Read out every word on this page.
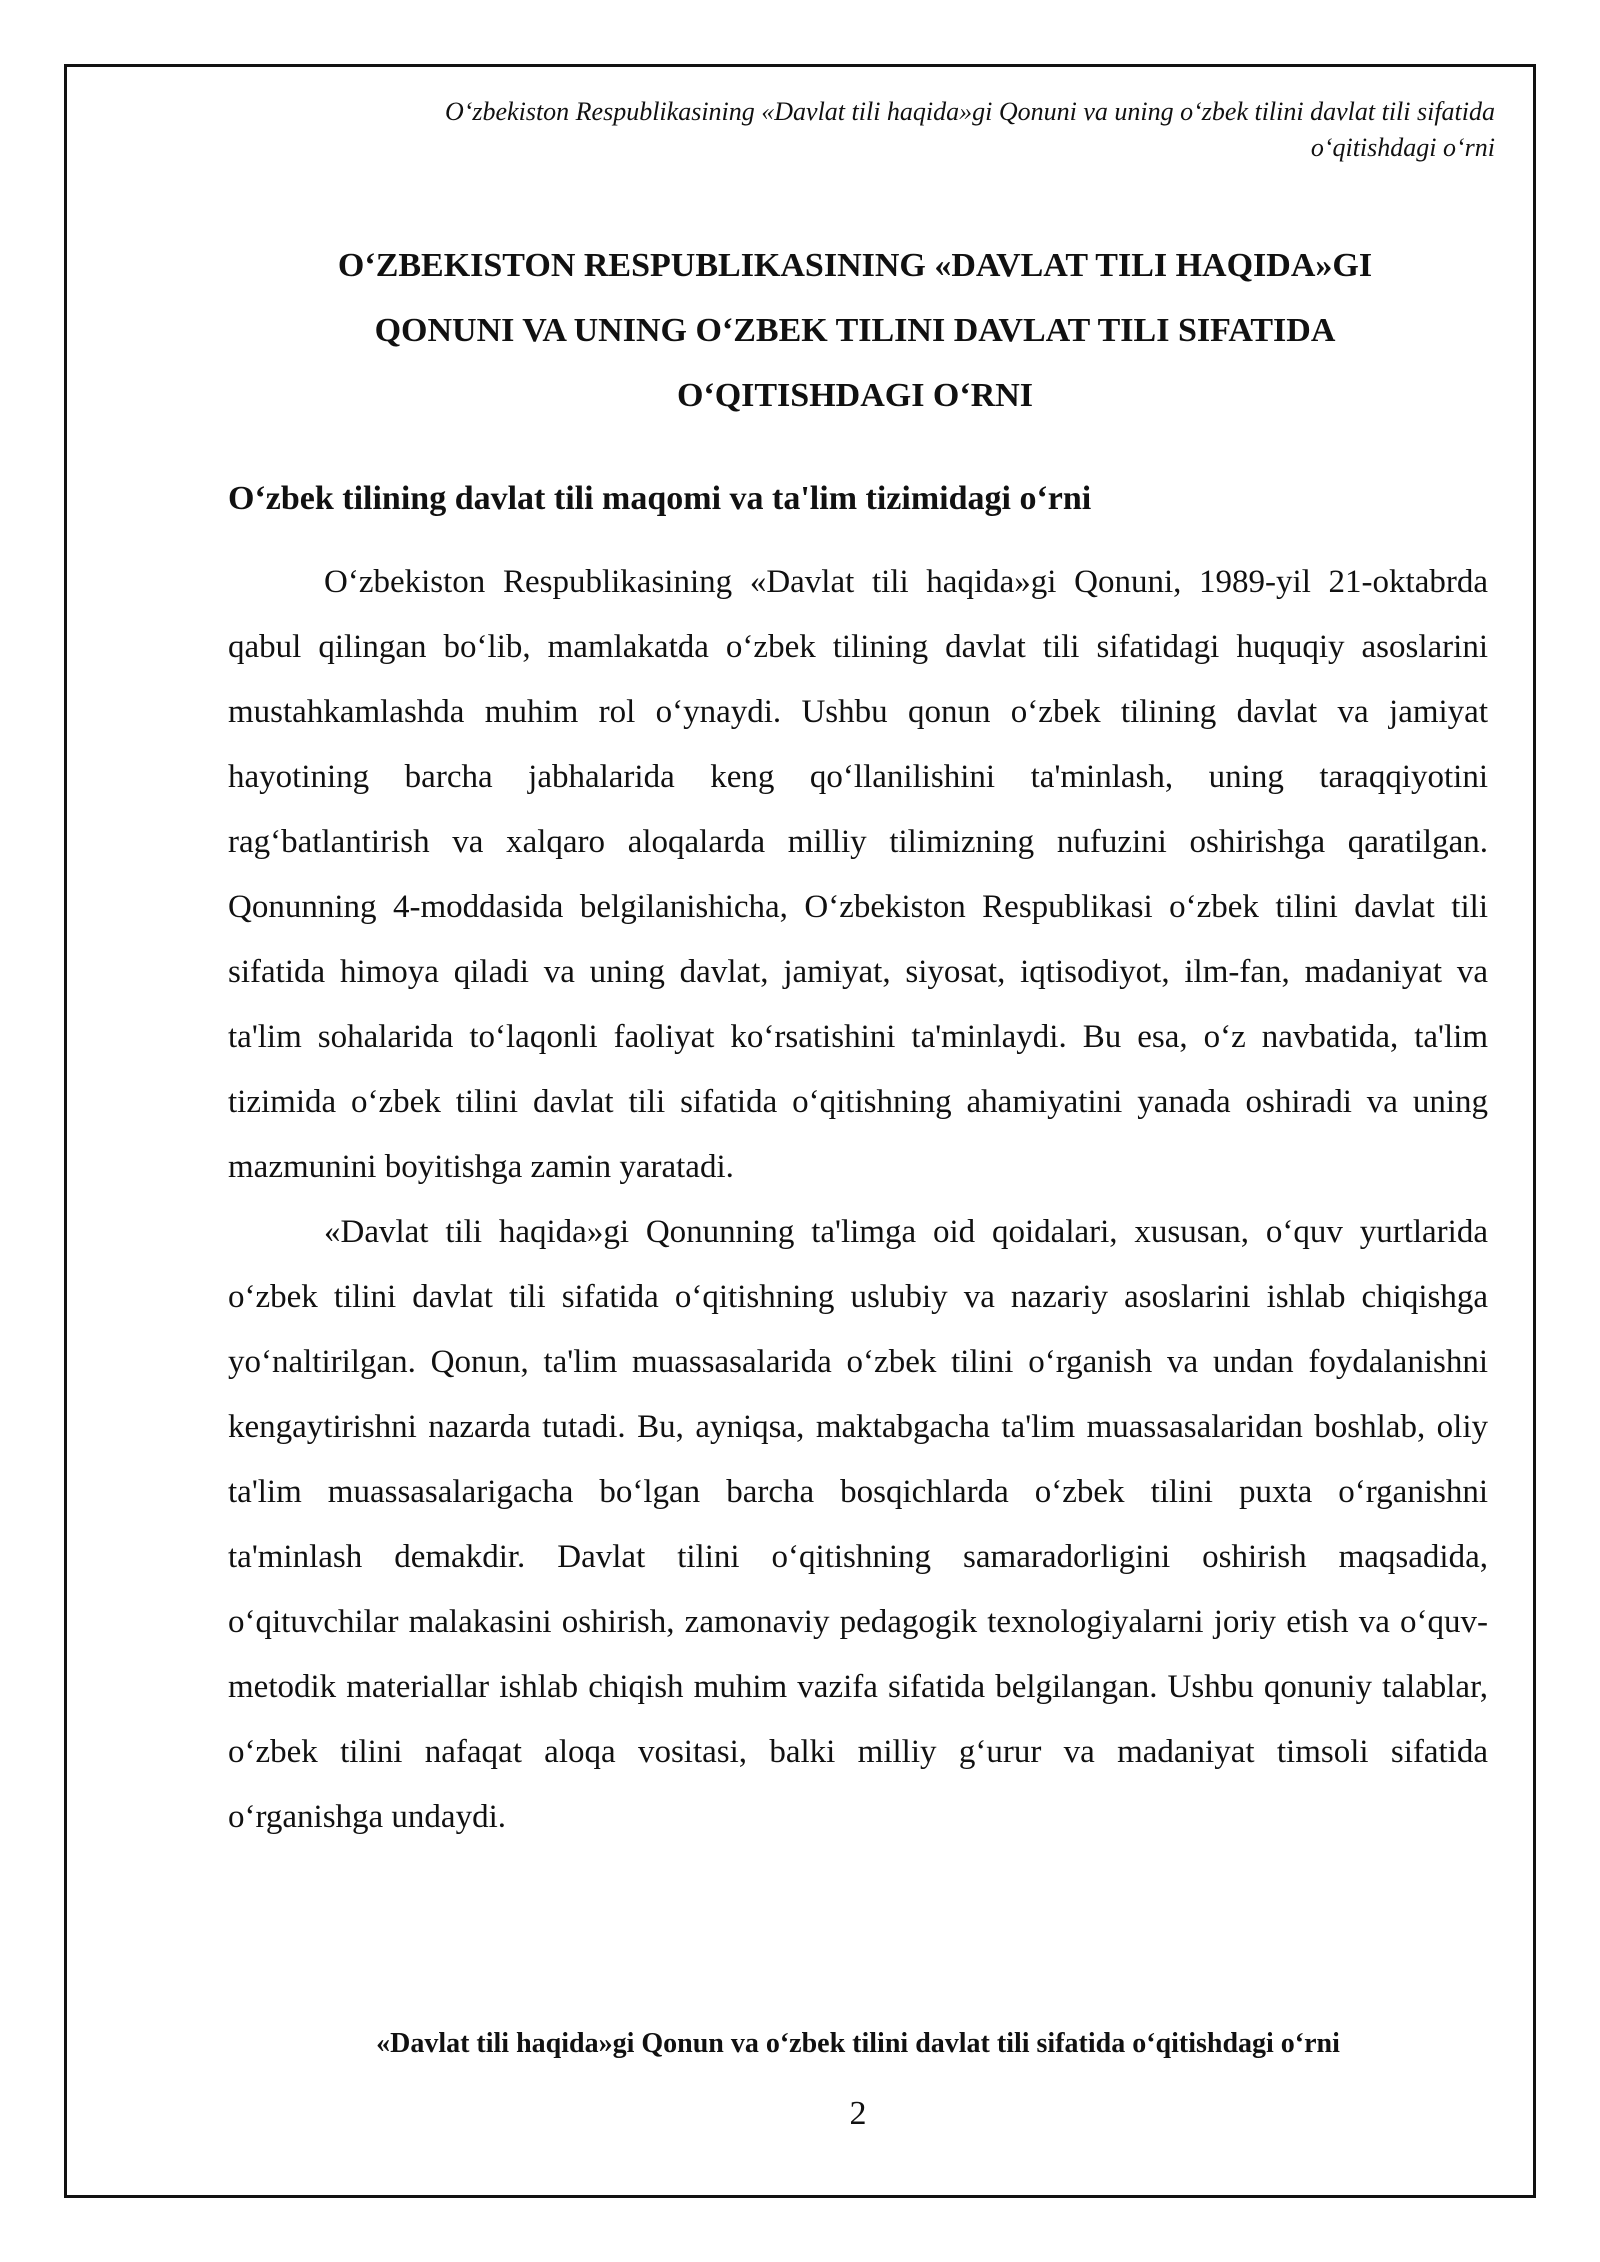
O‘zbekiston Respublikasining «Davlat tili haqida»gi Qonuni va uning o‘zbek tilini davlat tili sifatida
o‘qitishdagi o‘rni
O‘ZBEKISTON RESPUBLIKASINING «DAVLAT TILI HAQIDA»GI
QONUNI VA UNING O‘ZBEK TILINI DAVLAT TILI SIFATIDA
O‘QITISHDAGI O‘RNI
O‘zbek tilining davlat tili maqomi va ta'lim tizimidagi o‘rni

O‘zbekiston Respublikasining «Davlat tili haqida»gi Qonuni, 1989-yil 21-oktabrda qabul qilingan bo‘lib, mamlakatda o‘zbek tilining davlat tili sifatidagi huquqiy asoslarini mustahkamlashda muhim rol o‘ynaydi. Ushbu qonun o‘zbek tilining davlat va jamiyat hayotining barcha jabhalarida keng qo‘llanilishini ta'minlash, uning taraqqiyotini rag‘batlantirish va xalqaro aloqalarda milliy tilimizning nufuzini oshirishga qaratilgan. Qonunning 4-moddasida belgilanishicha, O‘zbekiston Respublikasi o‘zbek tilini davlat tili sifatida himoya qiladi va uning davlat, jamiyat, siyosat, iqtisodiyot, ilm-fan, madaniyat va ta'lim sohalarida to‘laqonli faoliyat ko‘rsatishini ta'minlaydi. Bu esa, o‘z navbatida, ta'lim tizimida o‘zbek tilini davlat tili sifatida o‘qitishning ahamiyatini yanada oshiradi va uning mazmunini boyitishga zamin yaratadi.

«Davlat tili haqida»gi Qonunning ta'limga oid qoidalari, xususan, o‘quv yurtlarida o‘zbek tilini davlat tili sifatida o‘qitishning uslubiy va nazariy asoslarini ishlab chiqishga yo‘naltirilgan. Qonun, ta'lim muassasalarida o‘zbek tilini o‘rganish va undan foydalanishni kengaytirishni nazarda tutadi. Bu, ayniqsa, maktabgacha ta'lim muassasalaridan boshlab, oliy ta'lim muassasalarigacha bo‘lgan barcha bosqichlarda o‘zbek tilini puxta o‘rganishni ta'minlash demakdir. Davlat tilini o‘qitishning samaradorligini oshirish maqsadida, o‘qituvchilar malakasini oshirish, zamonaviy pedagogik texnologiyalarni joriy etish va o‘quv-metodik materiallar ishlab chiqish muhim vazifa sifatida belgilangan. Ushbu qonuniy talablar, o‘zbek tilini nafaqat aloqa vositasi, balki milliy g‘urur va madaniyat timsoli sifatida o‘rganishga undaydi.

«Davlat tili haqida»gi Qonun va o‘zbek tilini davlat tili sifatida o‘qitishdagi o‘rni
2
